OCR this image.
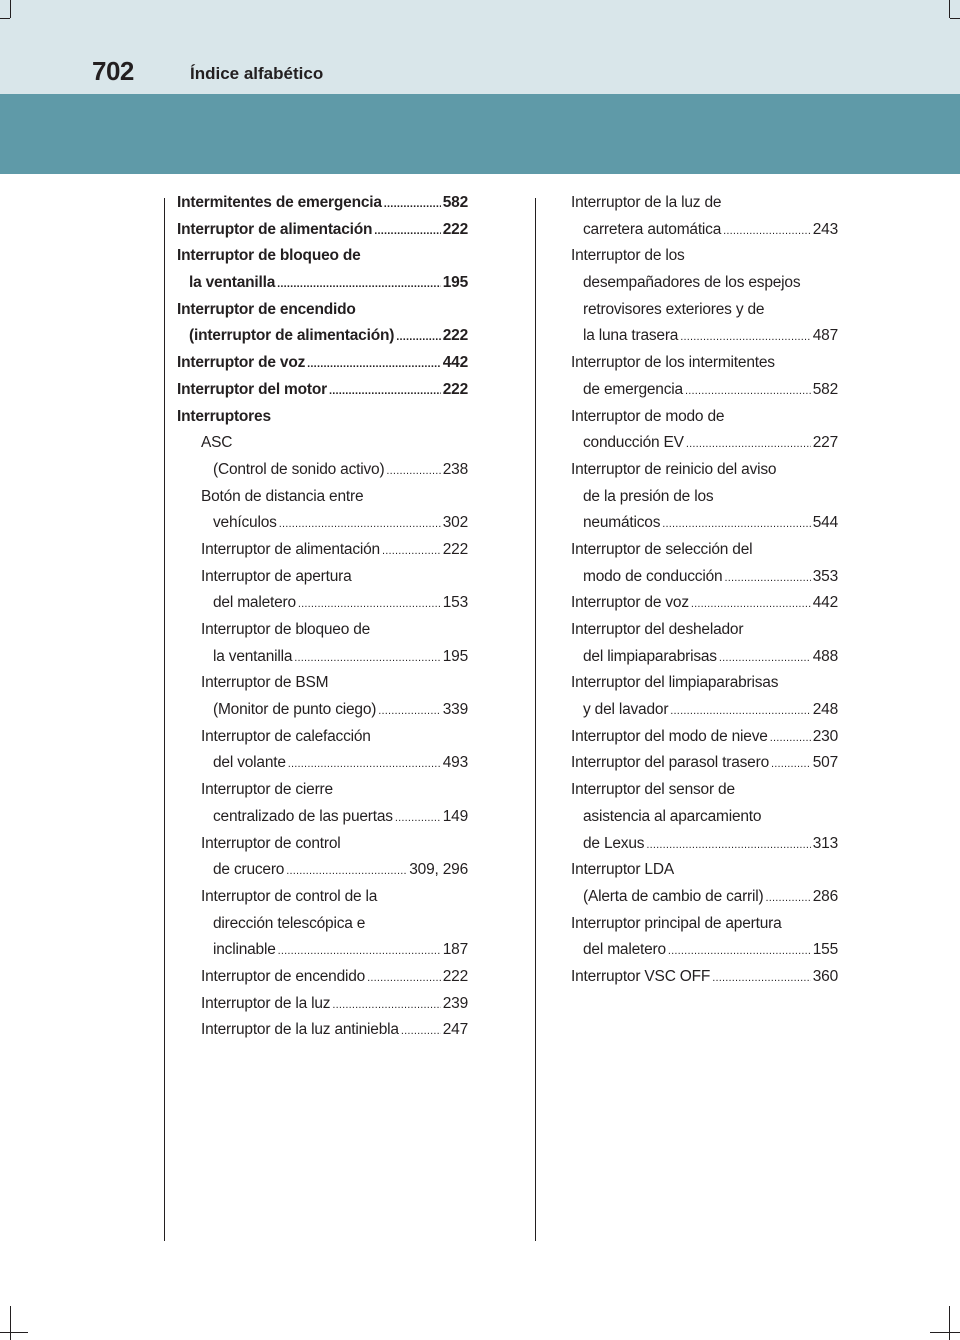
702	Índice alfabético
Intermitentes de emergencia .....	582
Interruptor de alimentación .....	222
Interruptor de bloqueo de
la ventanilla .....	195
Interruptor de encendido
(interruptor de alimentación) .....	222
Interruptor de voz .....	442
Interruptor del motor .....	222
Interruptores
ASC
(Control de sonido activo) .....	238
Botón de distancia entre
vehículos .....	302
Interruptor de alimentación .....	222
Interruptor de apertura
del maletero .....	153
Interruptor de bloqueo de
la ventanilla .....	195
Interruptor de BSM
(Monitor de punto ciego) .....	339
Interruptor de calefacción
del volante .....	493
Interruptor de cierre
centralizado de las puertas .....	149
Interruptor de control
de crucero .....	309, 296
Interruptor de control de la
dirección telescópica e
inclinable .....	187
Interruptor de encendido .....	222
Interruptor de la luz .....	239
Interruptor de la luz antiniebla .....	247
Interruptor de la luz de
carretera automática .....	243
Interruptor de los
desempañadores de los espejos
retrovisores exteriores y de
la luna trasera .....	487
Interruptor de los intermitentes
de emergencia .....	582
Interruptor de modo de
conducción EV .....	227
Interruptor de reinicio del aviso
de la presión de los
neumáticos .....	544
Interruptor de selección del
modo de conducción .....	353
Interruptor de voz .....	442
Interruptor del deshelador
del limpiaparabrisas .....	488
Interruptor del limpiaparabrisas
y del lavador .....	248
Interruptor del modo de nieve .....	230
Interruptor del parasol trasero .....	507
Interruptor del sensor de
asistencia al aparcamiento
de Lexus .....	313
Interruptor LDA
(Alerta de cambio de carril) .....	286
Interruptor principal de apertura
del maletero .....	155
Interruptor VSC OFF .....	360
